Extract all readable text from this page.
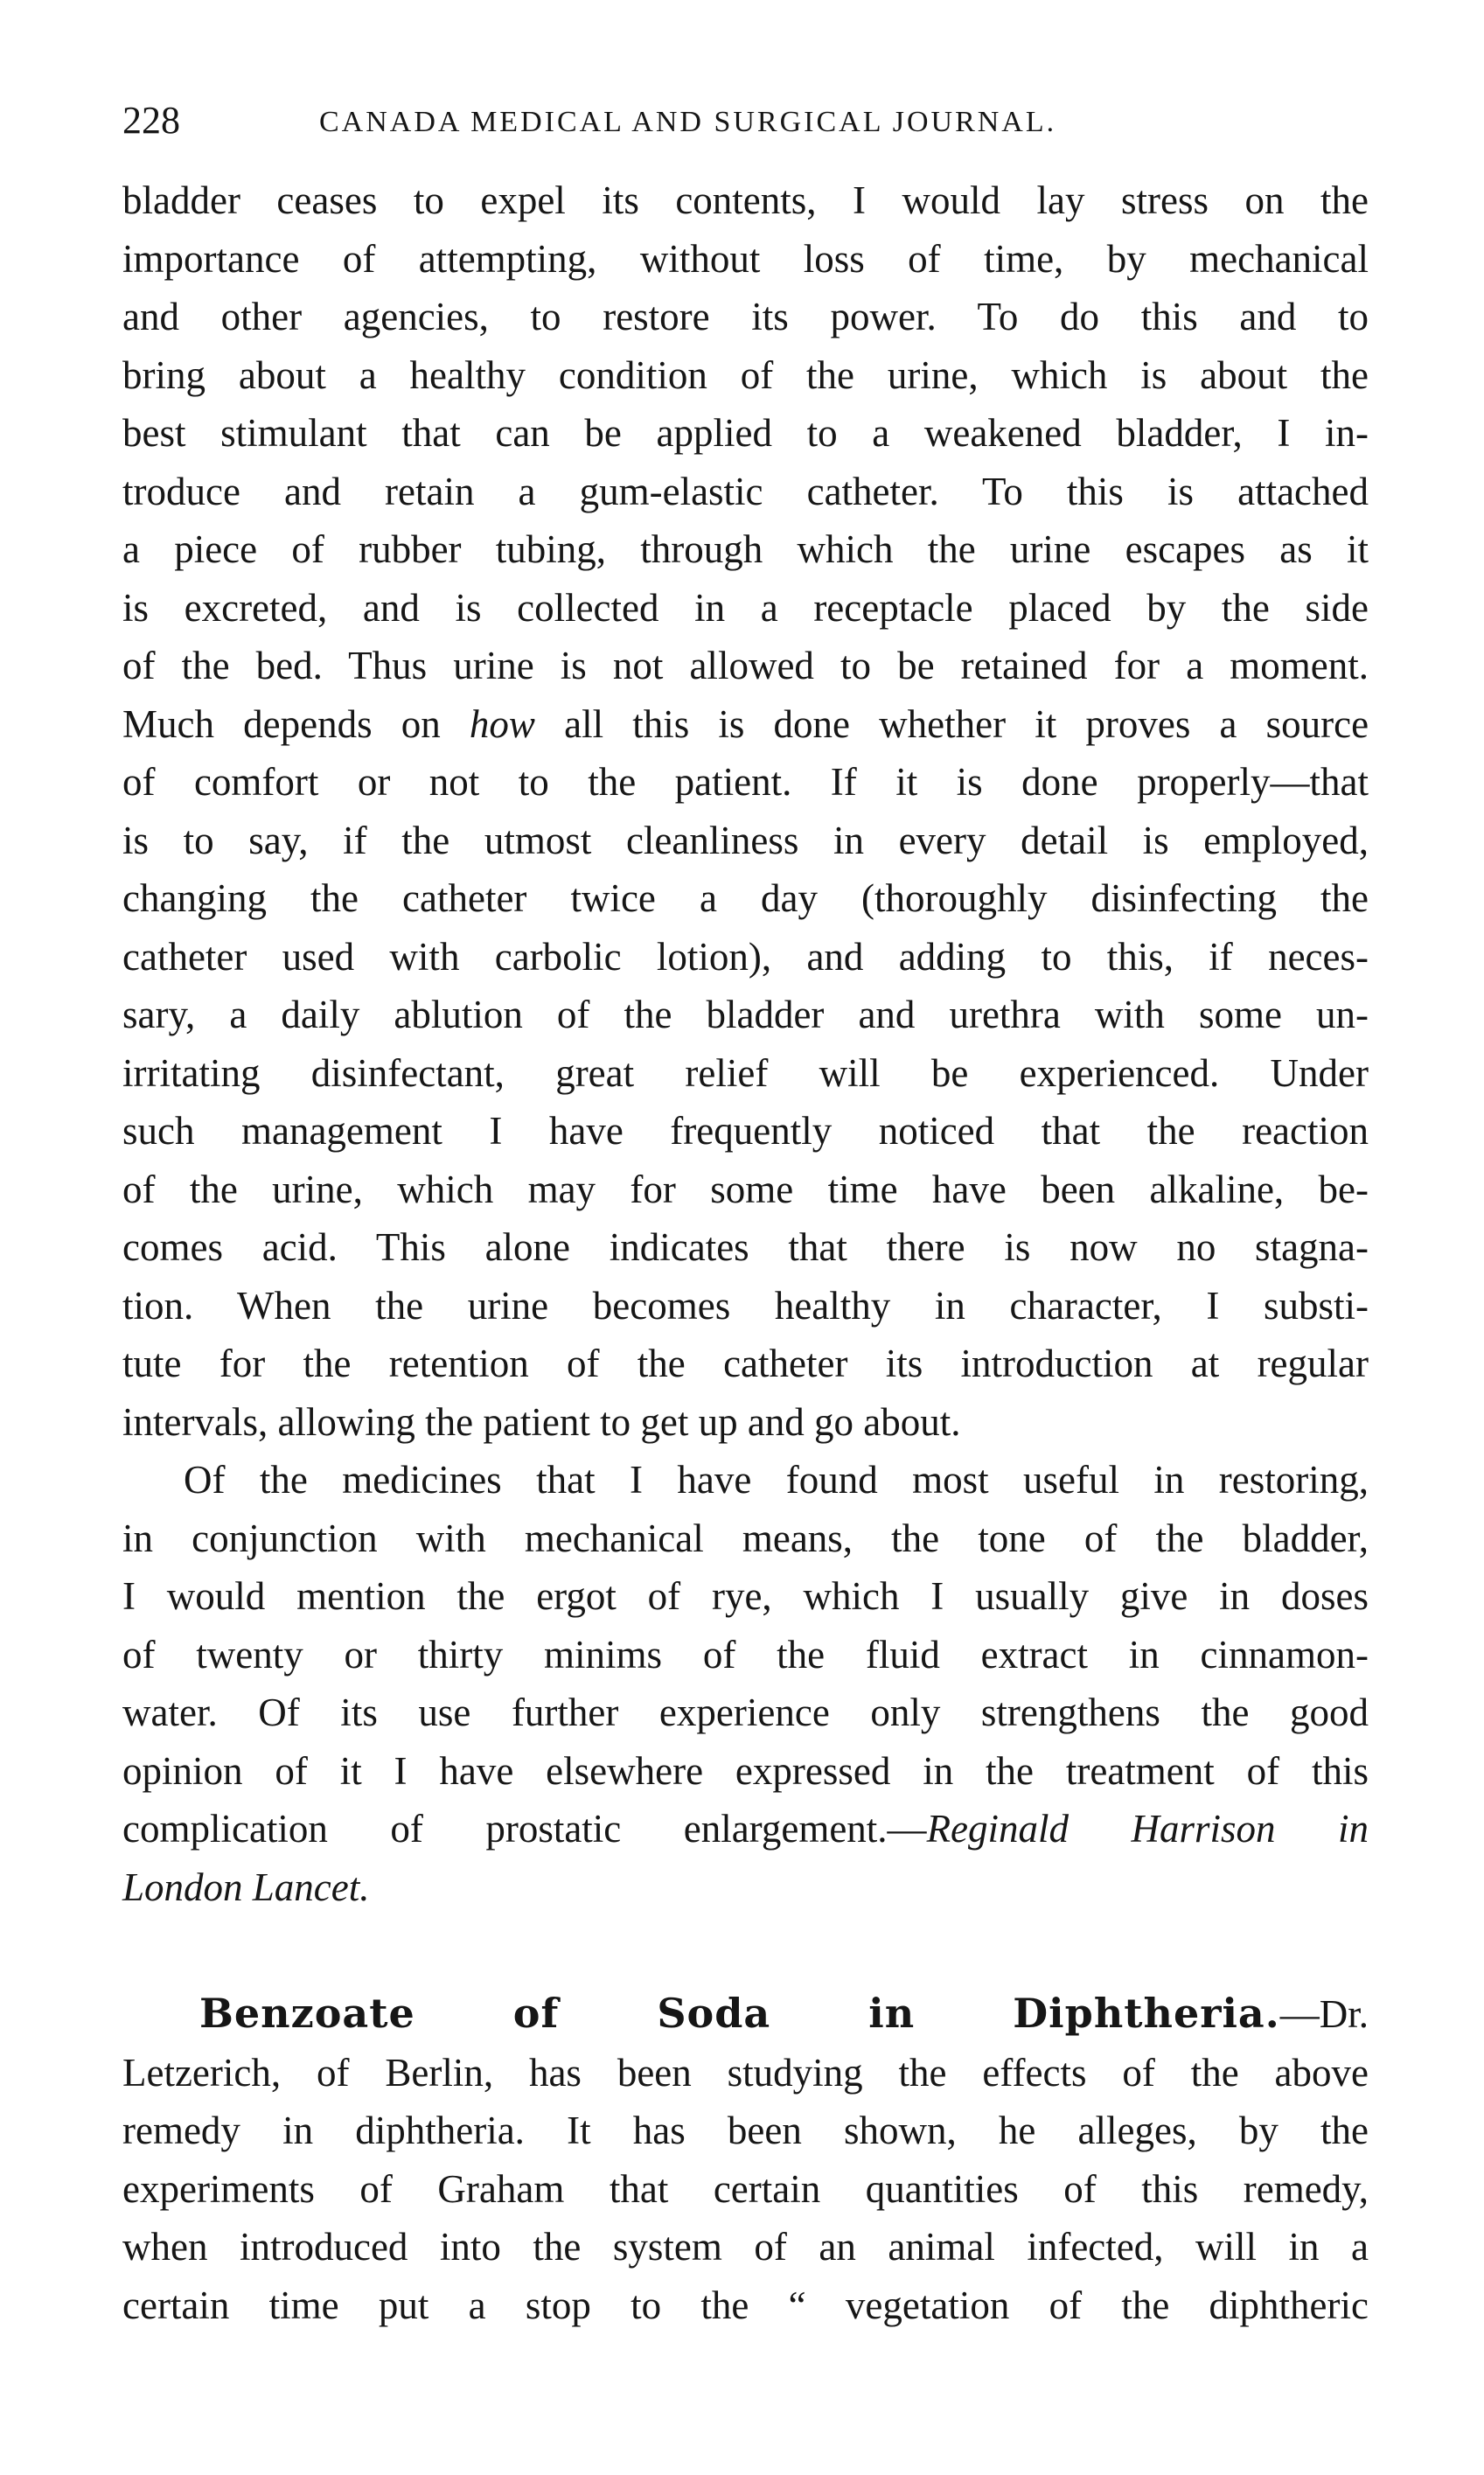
228	CANADA MEDICAL AND SURGICAL JOURNAL.
bladder ceases to expel its contents, I would lay stress on the
importance of attempting, without loss of time, by mechanical
and other agencies, to restore its power. To do this and to
bring about a healthy condition of the urine, which is about the
best stimulant that can be applied to a weakened bladder, I in-
troduce and retain a gum-elastic catheter. To this is attached
a piece of rubber tubing, through which the urine escapes as it
is excreted, and is collected in a receptacle placed by the side
of the bed. Thus urine is not allowed to be retained for a moment.
Much depends on how all this is done whether it proves a source
of comfort or not to the patient. If it is done properly—that
is to say, if the utmost cleanliness in every detail is employed,
changing the catheter twice a day (thoroughly disinfecting the
catheter used with carbolic lotion), and adding to this, if neces-
sary, a daily ablution of the bladder and urethra with some un-
irritating disinfectant, great relief will be experienced. Under
such management I have frequently noticed that the reaction
of the urine, which may for some time have been alkaline, be-
comes acid. This alone indicates that there is now no stagna-
tion. When the urine becomes healthy in character, I substi-
tute for the retention of the catheter its introduction at regular
intervals, allowing the patient to get up and go about.
Of the medicines that I have found most useful in restoring,
in conjunction with mechanical means, the tone of the bladder,
I would mention the ergot of rye, which I usually give in doses
of twenty or thirty minims of the fluid extract in cinnamon-
water. Of its use further experience only strengthens the good
opinion of it I have elsewhere expressed in the treatment of this
complication of prostatic enlargement.—Reginald Harrison in
London Lancet.
Benzoate of Soda in Diphtheria.—Dr.
Letzerich, of Berlin, has been studying the effects of the above
remedy in diphtheria. It has been shown, he alleges, by the
experiments of Graham that certain quantities of this remedy,
when introduced into the system of an animal infected, will in a
certain time put a stop to the “ vegetation of the diphtheric
